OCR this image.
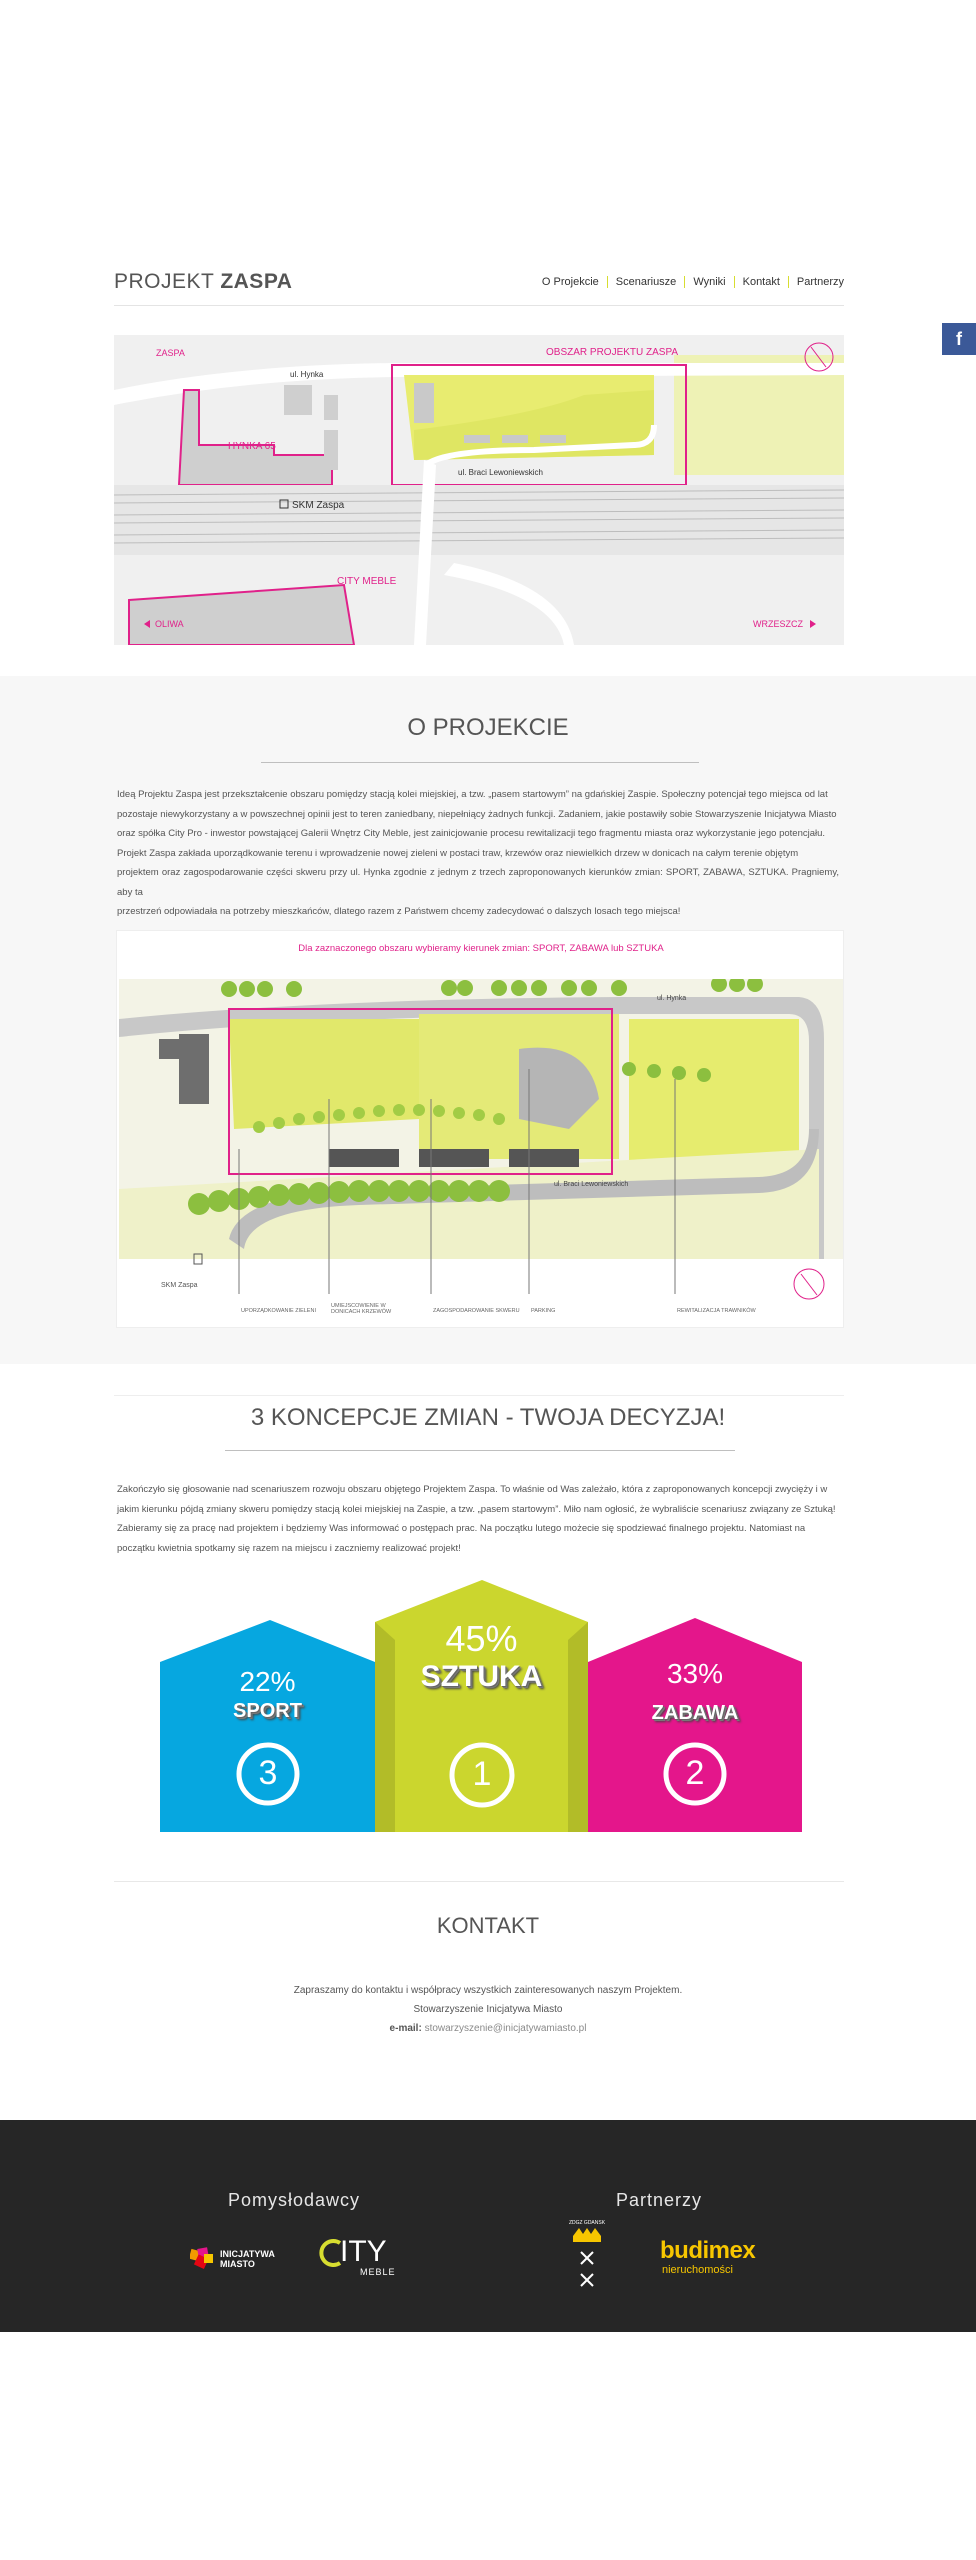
PROJEKT ZASPA	O Projekcie	Scenariusze	Wyniki	Kontakt	Partnerzy
f
ZASPA	OBSZAR PROJEKTU ZASPA
ul. Hynka
HYNKA 65
ul. Braci Lewoniewskich
SKM Zaspa
CITY MEBLE
OLIWA	WRZESZCZ
O PROJEKCIE

Ideą Projektu Zaspa jest przekształcenie obszaru pomiędzy stacją kolei miejskiej, a tzw. „pasem startowym” na gdańskiej Zaspie. Społeczny potencjał tego miejsca od lat

pozostaje niewykorzystany a w powszechnej opinii jest to teren zaniedbany, niepełniący żadnych funkcji. Zadaniem, jakie postawiły sobie Stowarzyszenie Inicjatywa Miasto

oraz spółka City Pro - inwestor powstającej Galerii Wnętrz City Meble, jest zainicjowanie procesu rewitalizacji tego fragmentu miasta oraz wykorzystanie jego potencjału.

Projekt Zaspa zakłada uporządkowanie terenu i wprowadzenie nowej zieleni w postaci traw, krzewów oraz niewielkich drzew w donicach na całym terenie objętym

projektem oraz zagospodarowanie części skweru przy ul. Hynka zgodnie z jednym z trzech zaproponowanych kierunków zmian: SPORT, ZABAWA, SZTUKA. Pragniemy, aby ta

przestrzeń odpowiadała na potrzeby mieszkańców, dlatego razem z Państwem chcemy zadecydować o dalszych losach tego miejsca!

Dla zaznaczonego obszaru wybieramy kierunek zmian: SPORT, ZABAWA lub SZTUKA
ul. Hynka
ul. Braci Lewoniewskich
SKM Zaspa
UPORZĄDKOWANIE ZIELENI
UMIEJSCOWIENIE W DONICACH KRZEWÓW	ZAGOSPODAROWANIE SKWERU PARKING	REWITALIZACJA TRAWNIKÓW
3 KONCEPCJE ZMIAN - TWOJA DECYZJA!

Zakończyło się głosowanie nad scenariuszem rozwoju obszaru objętego Projektem Zaspa. To właśnie od Was zależało, która z zaproponowanych koncepcji zwycięży i w

jakim kierunku pójdą zmiany skweru pomiędzy stacją kolei miejskiej na Zaspie, a tzw. „pasem startowym”. Miło nam ogłosić, że wybraliście scenariusz związany ze Sztuką!

Zabieramy się za pracę nad projektem i będziemy Was informować o postępach prac. Na początku lutego możecie się spodziewać finalnego projektu. Natomiast na

początku kwietnia spotkamy się razem na miejscu i zaczniemy realizować projekt!

22%
SPORT
45%
SZTUKA	33%
ZABAWA
3	1	2
KONTAKT
Zapraszamy do kontaktu i współpracy wszystkich zainteresowanych naszym Projektem.
Stowarzyszenie Inicjatywa Miasto
e-mail: stowarzyszenie@inicjatywamiasto.pl
Pomysłodawcy	Partnerzy
INICJATYWA
MIASTO	ITY
MEBLE
ZDGZ GDANSK
budimex
nieruchomości
